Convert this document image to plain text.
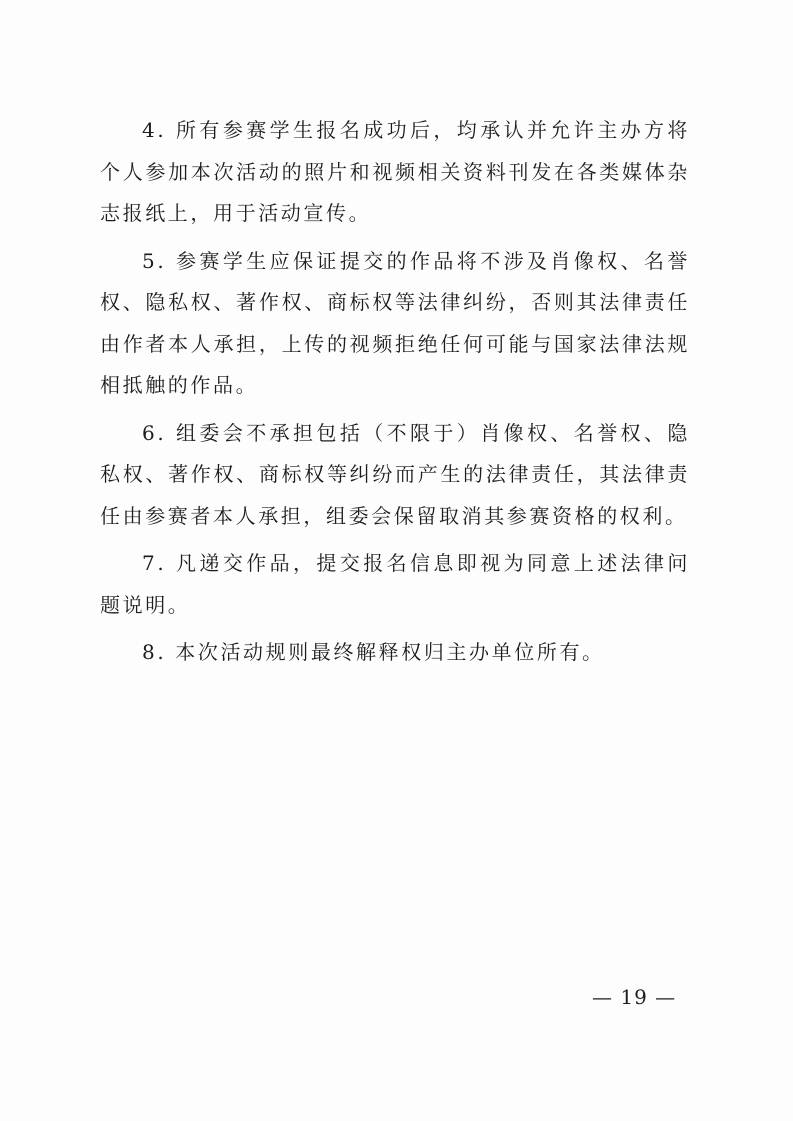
4. 所有参赛学生报名成功后，均承认并允许主办方将个人参加本次活动的照片和视频相关资料刊发在各类媒体杂志报纸上，用于活动宣传。

5. 参赛学生应保证提交的作品将不涉及肖像权、名誉权、隐私权、著作权、商标权等法律纠纷，否则其法律责任由作者本人承担，上传的视频拒绝任何可能与国家法律法规相抵触的作品。

6. 组委会不承担包括（不限于）肖像权、名誉权、隐私权、著作权、商标权等纠纷而产生的法律责任，其法律责任由参赛者本人承担，组委会保留取消其参赛资格的权利。

7. 凡递交作品，提交报名信息即视为同意上述法律问题说明。

8. 本次活动规则最终解释权归主办单位所有。

— 19 —
